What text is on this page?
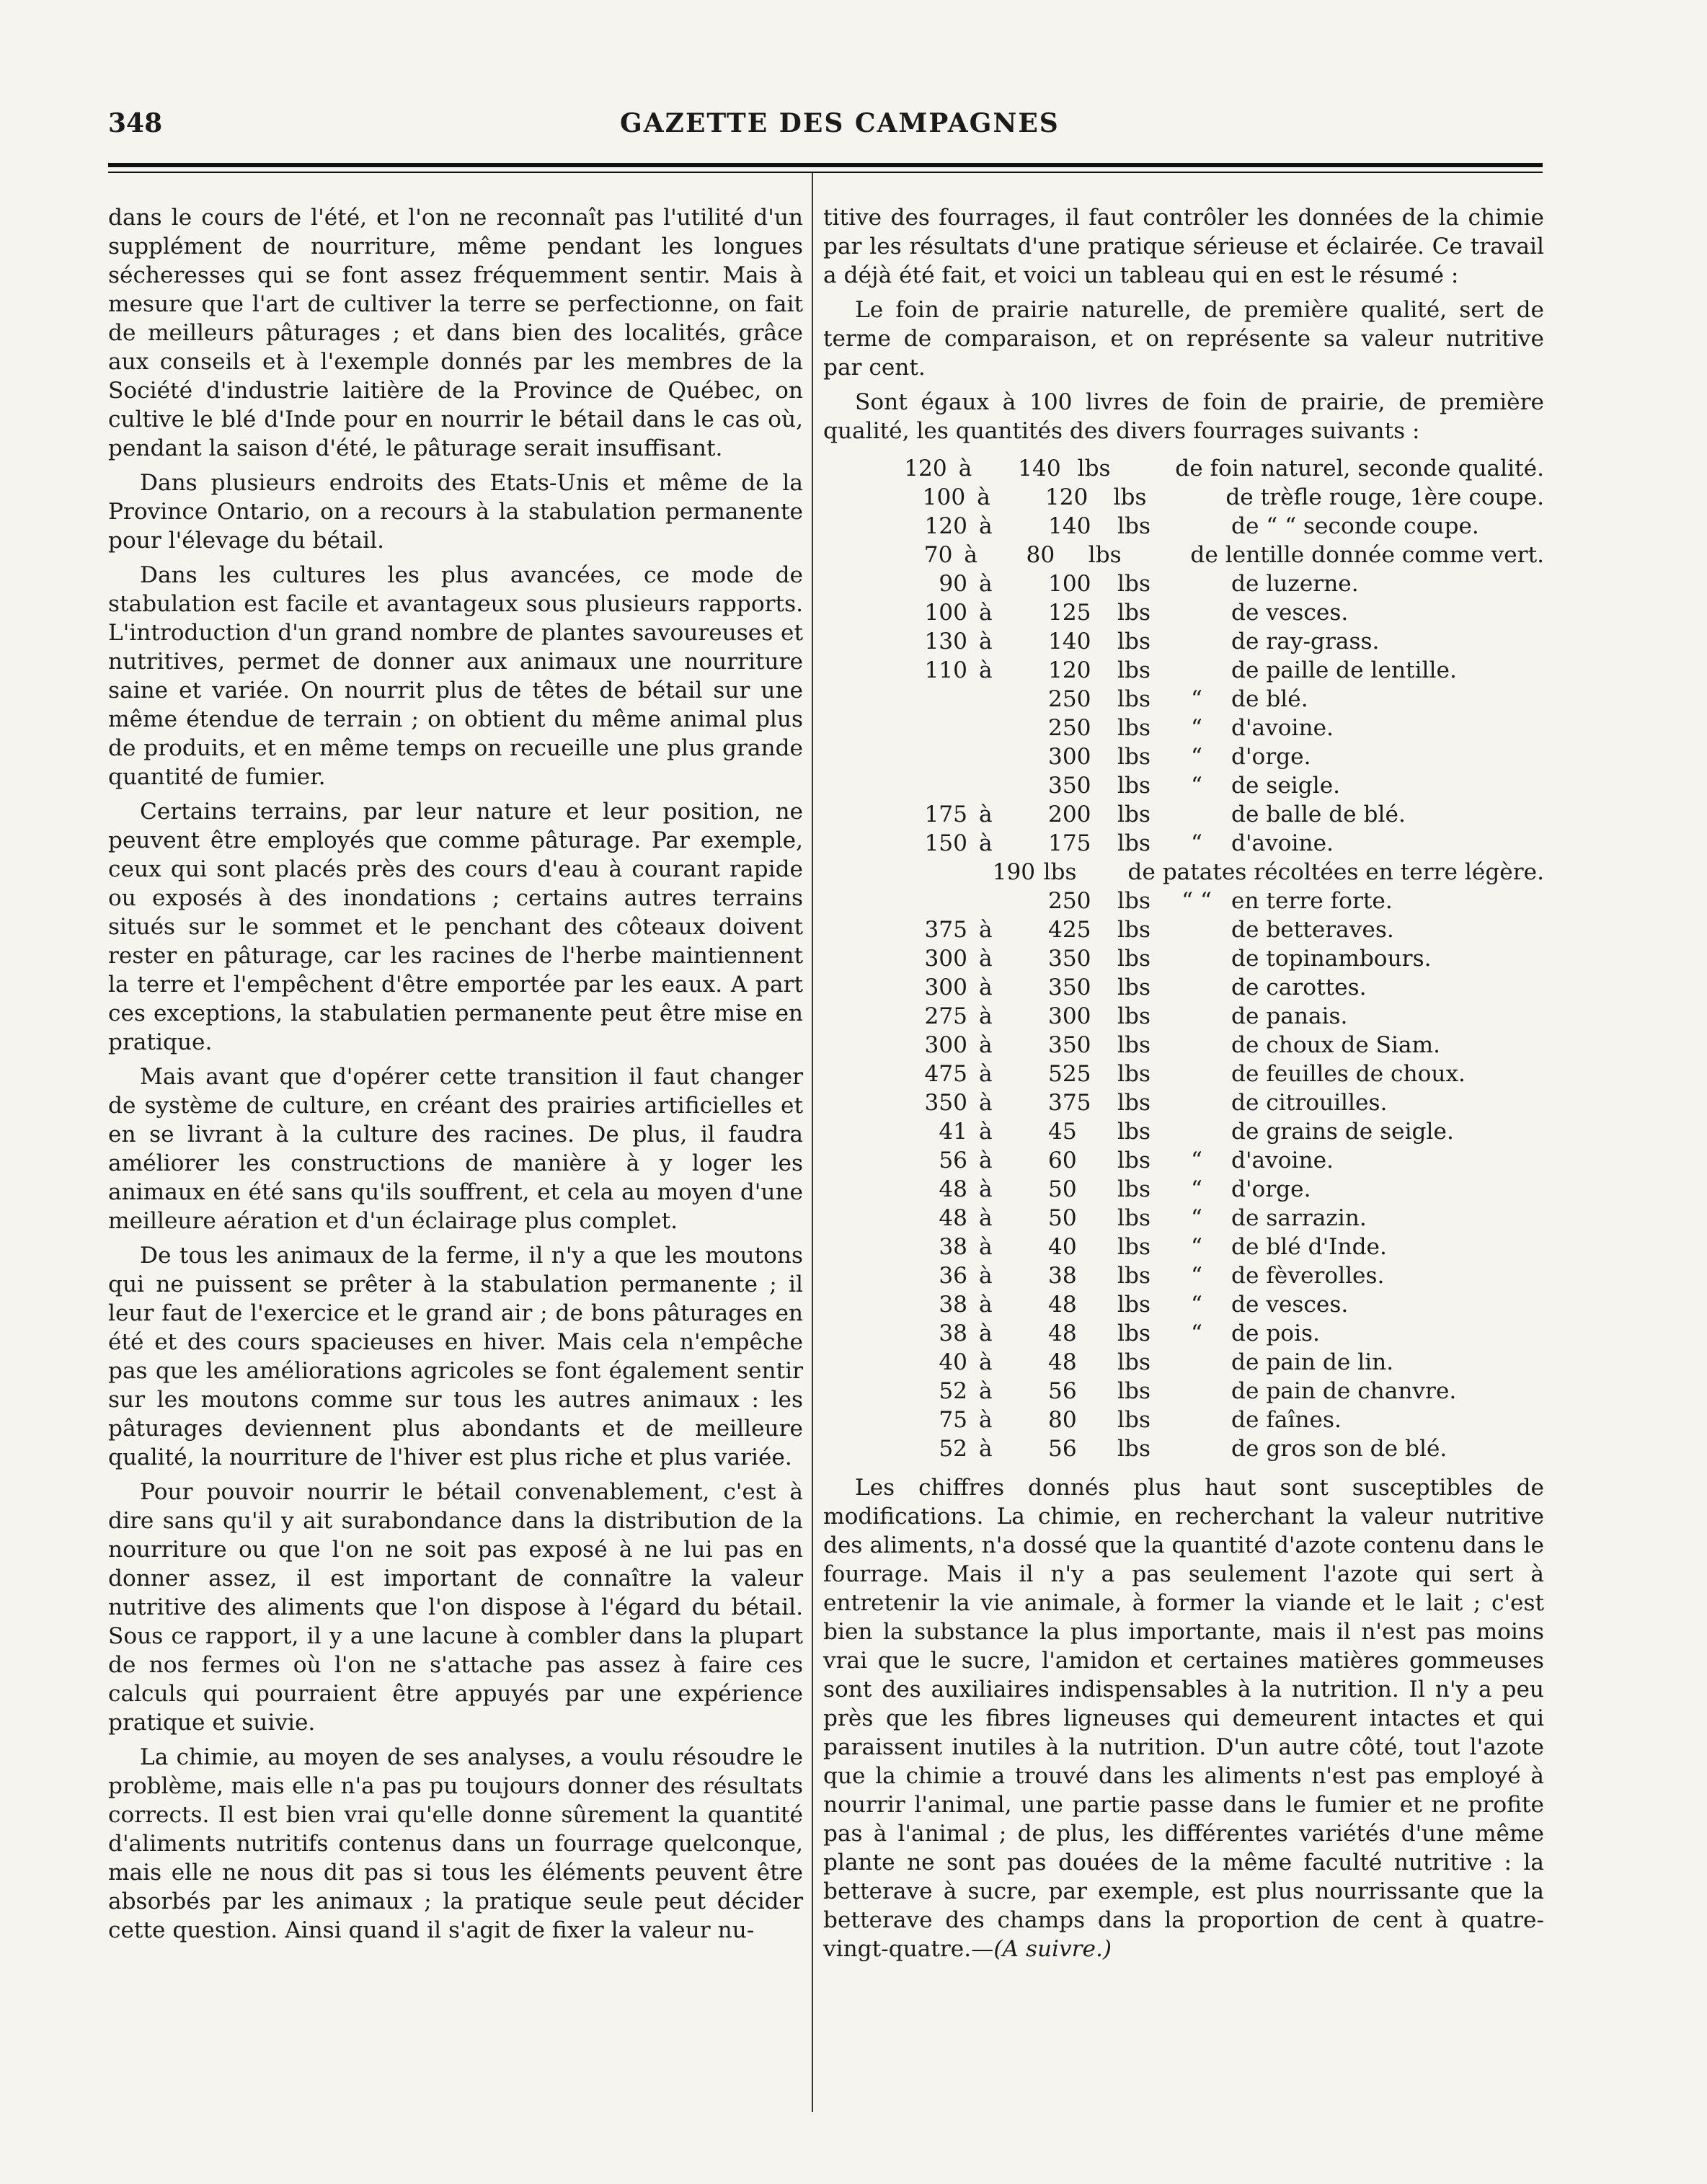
348	GAZETTE DES CAMPAGNES

dans le cours de l'été, et l'on ne reconnaît pas l'utilité d'un supplément de nourriture, même pendant les longues sécheresses qui se font assez fréquemment sentir. Mais à mesure que l'art de cultiver la terre se perfectionne, on fait de meilleurs pâturages ; et dans bien des localités, grâce aux conseils et à l'exemple donnés par les membres de la Société d'industrie laitière de la Province de Québec, on cultive le blé d'Inde pour en nourrir le bétail dans le cas où, pendant la saison d'été, le pâturage serait insuffisant.

Dans plusieurs endroits des Etats-Unis et même de la Province Ontario, on a recours à la stabulation permanente pour l'élevage du bétail.

Dans les cultures les plus avancées, ce mode de stabulation est facile et avantageux sous plusieurs rapports. L'introduction d'un grand nombre de plantes savoureuses et nutritives, permet de donner aux animaux une nourriture saine et variée. On nourrit plus de têtes de bétail sur une même étendue de terrain ; on obtient du même animal plus de produits, et en même temps on recueille une plus grande quantité de fumier.

Certains terrains, par leur nature et leur position, ne peuvent être employés que comme pâturage. Par exemple, ceux qui sont placés près des cours d'eau à courant rapide ou exposés à des inondations ; certains autres terrains situés sur le sommet et le penchant des côteaux doivent rester en pâturage, car les racines de l'herbe maintiennent la terre et l'empêchent d'être emportée par les eaux. A part ces exceptions, la stabulatien permanente peut être mise en pratique.

Mais avant que d'opérer cette transition il faut changer de système de culture, en créant des prairies artificielles et en se livrant à la culture des racines. De plus, il faudra améliorer les constructions de manière à y loger les animaux en été sans qu'ils souffrent, et cela au moyen d'une meilleure aération et d'un éclairage plus complet.

De tous les animaux de la ferme, il n'y a que les moutons qui ne puissent se prêter à la stabulation permanente ; il leur faut de l'exercice et le grand air ; de bons pâturages en été et des cours spacieuses en hiver. Mais cela n'empêche pas que les améliorations agricoles se font également sentir sur les moutons comme sur tous les autres animaux : les pâturages deviennent plus abondants et de meilleure qualité, la nourriture de l'hiver est plus riche et plus variée.

Pour pouvoir nourrir le bétail convenablement, c'est à dire sans qu'il y ait surabondance dans la distribution de la nourriture ou que l'on ne soit pas exposé à ne lui pas en donner assez, il est important de connaître la valeur nutritive des aliments que l'on dispose à l'égard du bétail. Sous ce rapport, il y a une lacune à combler dans la plupart de nos fermes où l'on ne s'attache pas assez à faire ces calculs qui pourraient être appuyés par une expérience pratique et suivie.

La chimie, au moyen de ses analyses, a voulu résoudre le problème, mais elle n'a pas pu toujours donner des résultats corrects. Il est bien vrai qu'elle donne sûrement la quantité d'aliments nutritifs contenus dans un fourrage quelconque, mais elle ne nous dit pas si tous les éléments peuvent être absorbés par les animaux ; la pratique seule peut décider cette question. Ainsi quand il s'agit de fixer la valeur nu-

titive des fourrages, il faut contrôler les données de la chimie par les résultats d'une pratique sérieuse et éclairée. Ce travail a déjà été fait, et voici un tableau qui en est le résumé :

Le foin de prairie naturelle, de première qualité, sert de terme de comparaison, et on représente sa valeur nutritive par cent.

Sont égaux à 100 livres de foin de prairie, de première qualité, les quantités des divers fourrages suivants :

120 à	140 lbs	de foin naturel, seconde qualité.
100 à	120	lbs	de trèfle rouge, 1ère coupe.
120 à	140	lbs	de “ “ seconde coupe.
70 à	80	lbs	de lentille donnée comme vert.
90 à	100	lbs	de luzerne.
100 à	125	lbs	de vesces.
130 à	140	lbs	de ray-grass.
110 à	120	lbs	de paille de lentille.
250	lbs	“	de blé.
250	lbs	“	d'avoine.
300	lbs	“	d'orge.
350	lbs	“	de seigle.
175 à	200	lbs	de balle de blé.
150 à	175	lbs	“	d'avoine.
190 lbs de patates récoltées en terre légère.
250	lbs	“ “ en terre forte.
375 à	425	lbs	de betteraves.
300 à	350	lbs	de topinambours.
300 à	350	lbs	de carottes.
275 à	300	lbs	de panais.
300 à	350	lbs	de choux de Siam.
475 à	525	lbs	de feuilles de choux.
350 à	375	lbs	de citrouilles.
41 à	45	lbs	de grains de seigle.
56 à	60	lbs	“	d'avoine.
48 à	50	lbs	“	d'orge.
48 à	50	lbs	“	de sarrazin.
38 à	40	lbs	“	de blé d'Inde.
36 à	38	lbs	“	de fèverolles.
38 à	48	lbs	“	de vesces.
38 à	48	lbs	“	de pois.
40 à	48	lbs	de pain de lin.
52 à	56	lbs	de pain de chanvre.
75 à	80	lbs	de faînes.
52 à	56	lbs	de gros son de blé.

Les chiffres donnés plus haut sont susceptibles de modifications. La chimie, en recherchant la valeur nutritive des aliments, n'a dossé que la quantité d'azote contenu dans le fourrage. Mais il n'y a pas seulement l'azote qui sert à entretenir la vie animale, à former la viande et le lait ; c'est bien la substance la plus importante, mais il n'est pas moins vrai que le sucre, l'amidon et certaines matières gommeuses sont des auxiliaires indispensables à la nutrition. Il n'y a peu près que les fibres ligneuses qui demeurent intactes et qui paraissent inutiles à la nutrition. D'un autre côté, tout l'azote que la chimie a trouvé dans les aliments n'est pas employé à nourrir l'animal, une partie passe dans le fumier et ne profite pas à l'animal ; de plus, les différentes variétés d'une même plante ne sont pas douées de la même faculté nutritive : la betterave à sucre, par exemple, est plus nourrissante que la betterave des champs dans la proportion de cent à quatre-vingt-quatre.—(A suivre.)
